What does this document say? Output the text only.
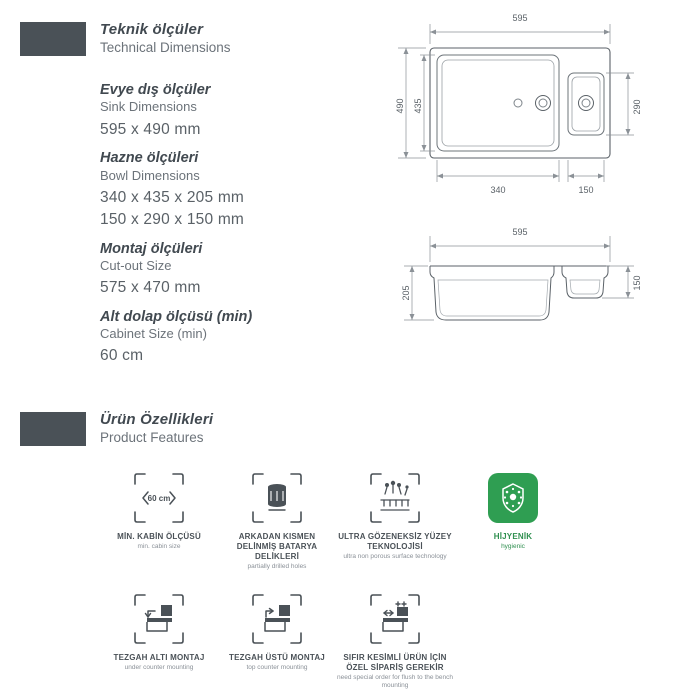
Teknik ölçüler
Technical Dimensions
Evye dış ölçüler
Sink Dimensions
595 x 490 mm
Hazne ölçüleri
Bowl Dimensions
340 x 435 x 205 mm
150 x 290 x 150 mm
Montaj ölçüleri
Cut-out Size
575 x 470 mm
Alt dolap ölçüsü (min)
Cabinet Size (min)
60 cm
595
490 435	290
340	150
595
205
150
Ürün Özellikleri
Product Features
60 cm
MİN. KABİN ÖLÇÜSÜ
min. cabin size
ARKADAN KISMEN DELİNMİŞ BATARYA DELİKLERİ
partially drilled holes
ULTRA GÖZENEKSİZ YÜZEY TEKNOLOJİSİ
ultra non porous surface technology
HİJYENİK
hygienic
TEZGAH ALTI MONTAJ
under counter mounting
TEZGAH ÜSTÜ MONTAJ
top counter mounting
SIFIR KESİMLİ ÜRÜN İÇİN ÖZEL SİPARİŞ GEREKİR
need special order for flush to the bench mounting
